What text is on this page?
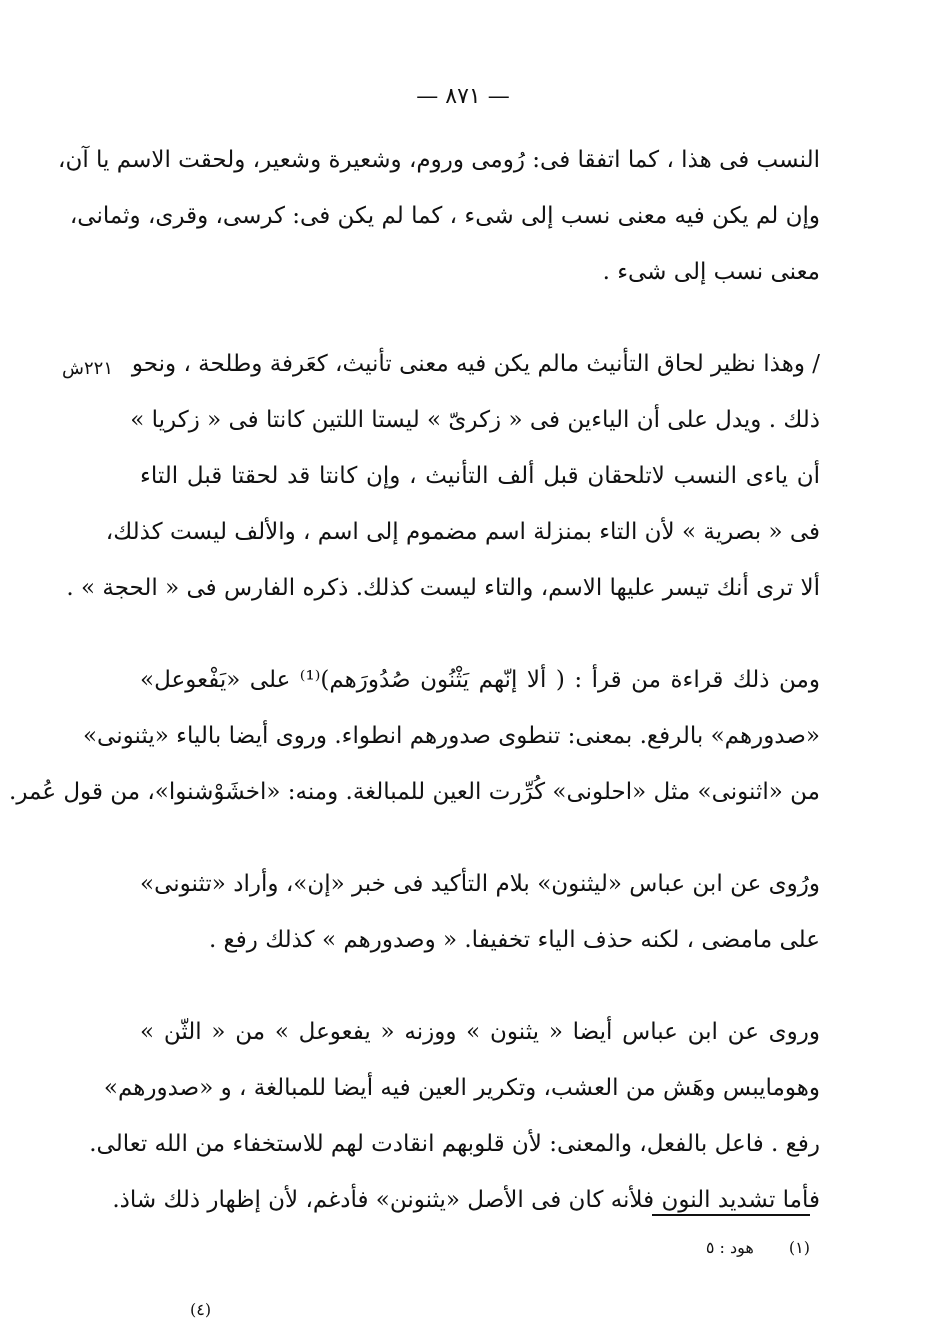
— ٨٧١ —
٢٢١ش
النسب فى هذا ، كما اتفقا فى: رُومى وروم، وشعيرة وشعير، ولحقت الاسم يا آن،
وإن لم يكن فيه معنى نسب إلى شىء ، كما لم يكن فى: كرسى، وقرى، وثمانى،
معنى نسب إلى شىء .
/ وهذا نظير لحاق التأنيث مالم يكن فيه معنى تأنيث، كعَرفة وطلحة ، ونحو
ذلك . ويدل على أن الياءين فى « زكرىّ » ليستا اللتين كانتا فى « زكريا »
أن ياءى النسب لاتلحقان قبل ألف التأنيث ، وإن كانتا قد لحقتا قبل التاء
فى « بصرية » لأن التاء بمنزلة اسم مضموم إلى اسم ، والألف ليست كذلك،
ألا ترى أنك تيسر عليها الاسم، والتاء ليست كذلك. ذكره الفارس فى « الحجة » .
ومن ذلك قراءة من قرأ : ( ألا إنّهم يَثْنُون صُدُورَهم)⁽¹⁾ على «يَفْعوعل»
«صدورهم» بالرفع. بمعنى: تنطوى صدورهم انطواء. وروى أيضا بالياء «يثنونى»
من «اثنونى» مثل «احلونى» كُرِّرت العين للمبالغة. ومنه: «اخشَوْشنوا»، من قول عُمر.
ورُوى عن ابن عباس «ليثنون» بلام التأكيد فى خبر «إن»، وأراد «تثنونى»
على مامضى ، لكنه حذف الياء تخفيفا. « وصدورهم » كذلك رفع .
وروى عن ابن عباس أيضا « يثنون » ووزنه « يفعوعل » من « الثّن »
وهومايبس وهَش من العشب، وتكرير العين فيه أيضا للمبالغة ، و «صدورهم»
رفع . فاعل بالفعل، والمعنى: لأن قلوبهم انقادت لهم للاستخفاء من الله تعالى.
فأما تشديد النون فلأنه كان فى الأصل «يثنونن» فأدغم، لأن إظهار ذلك شاذ.
(١) هود : ٥
(٤)
